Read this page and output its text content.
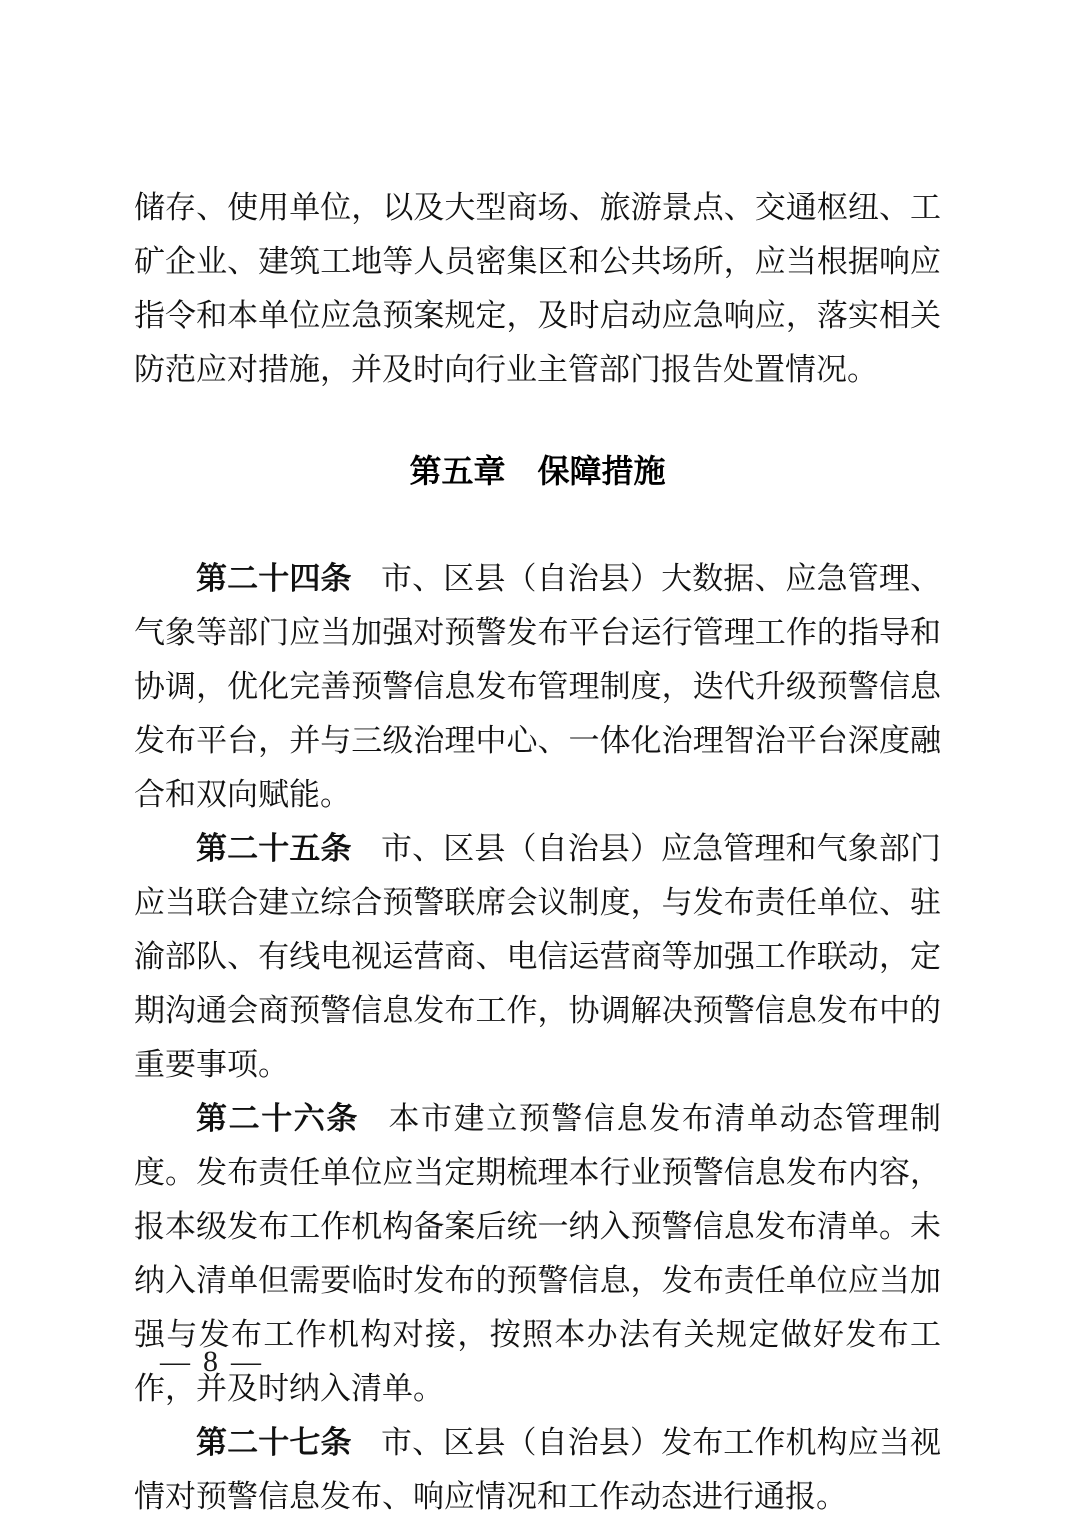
储存、使用单位，以及大型商场、旅游景点、交通枢纽、工矿企业、建筑工地等人员密集区和公共场所，应当根据响应指令和本单位应急预案规定，及时启动应急响应，落实相关防范应对措施，并及时向行业主管部门报告处置情况。

第五章　保障措施

第二十四条 市、区县（自治县）大数据、应急管理、气象等部门应当加强对预警发布平台运行管理工作的指导和协调，优化完善预警信息发布管理制度，迭代升级预警信息发布平台，并与三级治理中心、一体化治理智治平台深度融合和双向赋能。

第二十五条 市、区县（自治县）应急管理和气象部门应当联合建立综合预警联席会议制度，与发布责任单位、驻渝部队、有线电视运营商、电信运营商等加强工作联动，定期沟通会商预警信息发布工作，协调解决预警信息发布中的重要事项。

第二十六条 本市建立预警信息发布清单动态管理制度。发布责任单位应当定期梳理本行业预警信息发布内容，报本级发布工作机构备案后统一纳入预警信息发布清单。未纳入清单但需要临时发布的预警信息，发布责任单位应当加强与发布工作机构对接，按照本办法有关规定做好发布工作，并及时纳入清单。

第二十七条 市、区县（自治县）发布工作机构应当视情对预警信息发布、响应情况和工作动态进行通报。

— 8 —
